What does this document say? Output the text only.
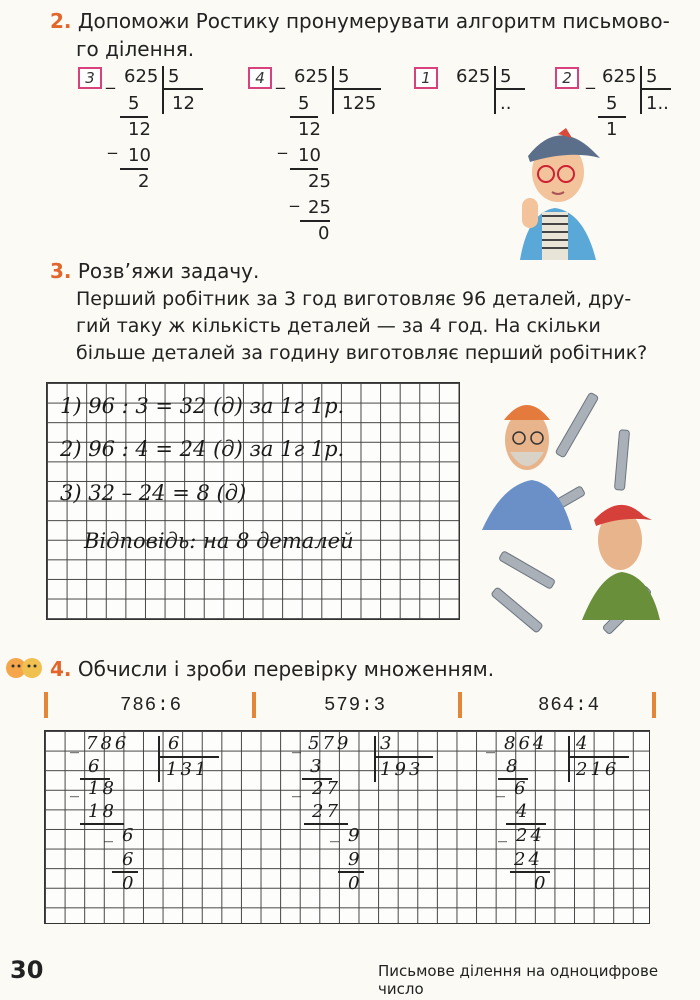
2. Допоможи Ростику пронумерувати алгоритм письмово-
го ділення.
3	4	1	2
_ 625 5
12
5
12
_
10
2
_ 625 5
125
5
12
_
10
25
_ 25
0
625 5
..
_ 625 5
1..
5
1
3. Розв’яжи задачу.
Перший робітник за 3 год виготовляє 96 деталей, дру-
гий таку ж кількість деталей — за 4 год. На скільки
більше деталей за годину виготовляє перший робітник?
1) 96 : 3 = 32 (д) за 1г 1р.
2) 96 : 4 = 24 (д) за 1г 1р.
3) 32 – 24 = 8 (д)
Відповідь: на 8 деталей
4. Обчисли і зроби перевірку множенням.
786:6	579:3	864:4
_ 786 6
131
6
_ 18
18
_ 6
6
0
_ 579 3
193
3
_ 27
27
_ 9
9
0
_ 864 4
216
8
_ 6
4
_ 24
24
0
30	Письмове ділення на одноцифрове число
